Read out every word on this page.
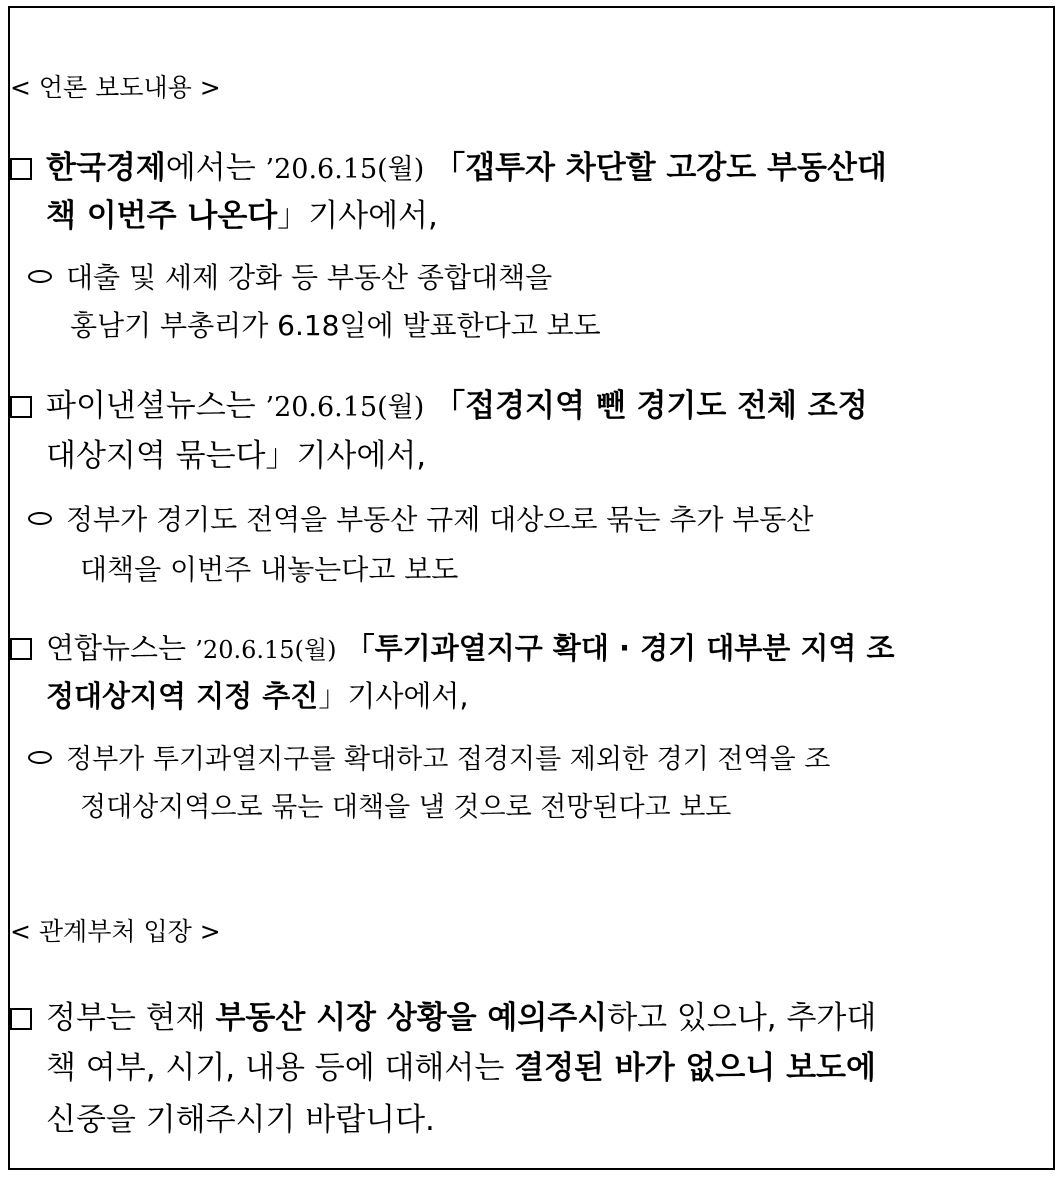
< 언론 보도내용 >
한국경제에서는 ’20.6.15(월) 「갭투자 차단할 고강도 부동산대
책 이번주 나온다」기사에서,
대출 및 세제 강화 등 부동산 종합대책을
홍남기 부총리가 6.18일에 발표한다고 보도
파이낸셜뉴스는 ’20.6.15(월) 「접경지역 뺀 경기도 전체 조정
대상지역 묶는다」기사에서,
정부가 경기도 전역을 부동산 규제 대상으로 묶는 추가 부동산
대책을 이번주 내놓는다고 보도
연합뉴스는 ’20.6.15(월) 「투기과열지구 확대 · 경기 대부분 지역 조
정대상지역 지정 추진」기사에서,
정부가 투기과열지구를 확대하고 접경지를 제외한 경기 전역을 조
정대상지역으로 묶는 대책을 낼 것으로 전망된다고 보도
< 관계부처 입장 >
정부는 현재 부동산 시장 상황을 예의주시하고 있으나, 추가대
책 여부, 시기, 내용 등에 대해서는 결정된 바가 없으니 보도에
신중을 기해주시기 바랍니다.
